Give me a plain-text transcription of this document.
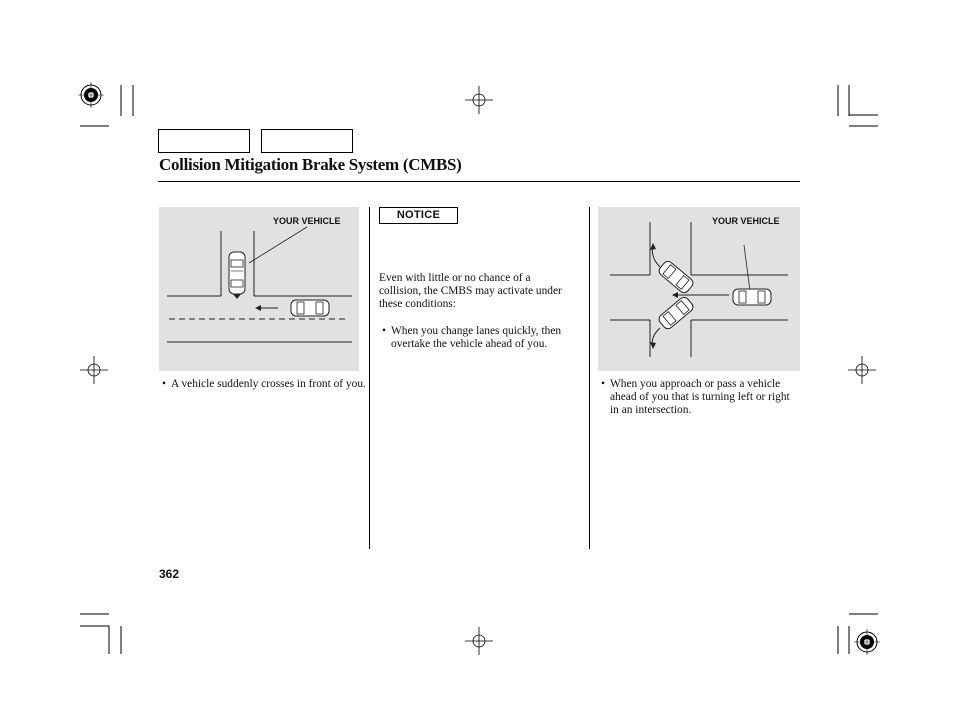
Collision Mitigation Brake System (CMBS)
YOUR VEHICLE
• A vehicle suddenly crosses in front of you.
NOTICE
Even with little or no chance of a collision, the CMBS may activate under these conditions:
• When you change lanes quickly, then overtake the vehicle ahead of you.
YOUR VEHICLE
• When you approach or pass a vehicle ahead of you that is turning left or right in an intersection.
362
